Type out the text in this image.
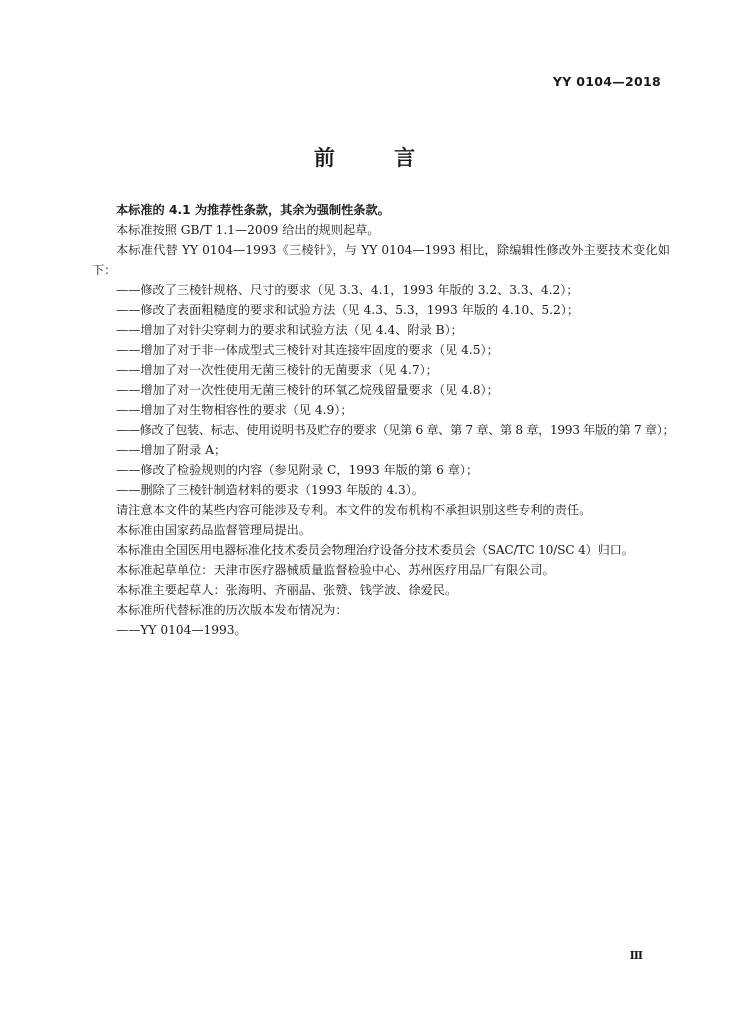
YY 0104—2018
前 言

本标准的 4.1 为推荐性条款，其余为强制性条款。

本标准按照 GB/T 1.1—2009 给出的规则起草。

本标准代替 YY 0104—1993《三棱针》，与 YY 0104—1993 相比，除编辑性修改外主要技术变化如下：

——修改了三棱针规格、尺寸的要求（见 3.3、4.1，1993 年版的 3.2、3.3、4.2）；

——修改了表面粗糙度的要求和试验方法（见 4.3、5.3，1993 年版的 4.10、5.2）；

——增加了对针尖穿刺力的要求和试验方法（见 4.4、附录 B）；

——增加了对于非一体成型式三棱针对其连接牢固度的要求（见 4.5）；

——增加了对一次性使用无菌三棱针的无菌要求（见 4.7）；

——增加了对一次性使用无菌三棱针的环氧乙烷残留量要求（见 4.8）；

——增加了对生物相容性的要求（见 4.9）；

——修改了包装、标志、使用说明书及贮存的要求（见第 6 章、第 7 章、第 8 章，1993 年版的第 7 章）；

——增加了附录 A；

——修改了检验规则的内容（参见附录 C，1993 年版的第 6 章）；

——删除了三棱针制造材料的要求（1993 年版的 4.3）。

请注意本文件的某些内容可能涉及专利。本文件的发布机构不承担识别这些专利的责任。

本标准由国家药品监督管理局提出。

本标准由全国医用电器标准化技术委员会物理治疗设备分技术委员会（SAC/TC 10/SC 4）归口。

本标准起草单位：天津市医疗器械质量监督检验中心、苏州医疗用品厂有限公司。

本标准主要起草人：张海明、齐丽晶、张赞、钱学波、徐爱民。

本标准所代替标准的历次版本发布情况为：

——YY 0104—1993。

Ⅲ
